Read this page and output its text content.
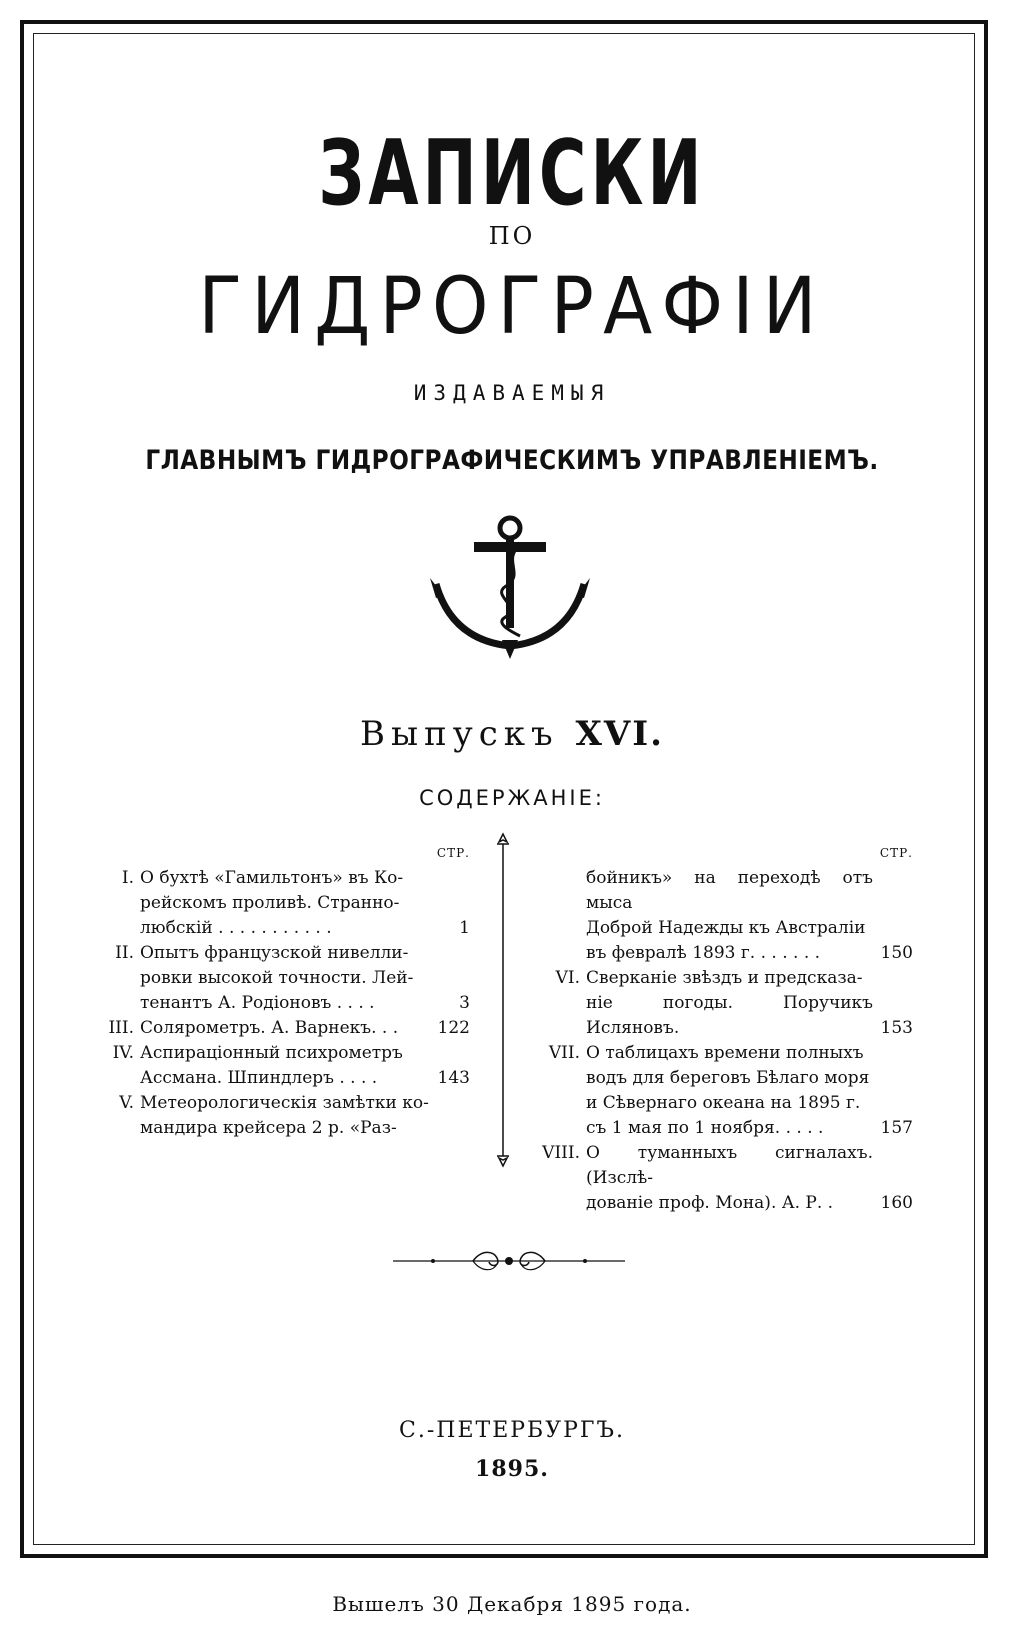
ЗАПИСКИ
ПО
ГИДРОГРАФІИ
ИЗДАВАЕМЫЯ
ГЛАВНЫМЪ ГИДРОГРАФИЧЕСКИМЪ УПРАВЛЕНІЕМЪ.
Выпускъ XVI.
СОДЕРЖАНІЕ:
СТР.
I. О бухтѣ «Гамильтонъ» въ Ко-
рейскомъ проливѣ. Странно-
любскій . . . . . . . . . . .	1
II. Опытъ французской нивелли-
ровки высокой точности. Лей-
тенантъ А. Родіоновъ . . . .	3
III. Солярометръ. А. Варнекъ. . .	122
IV. Аспираціонный психрометръ
Ассмана. Шпиндлеръ . . . .	143
V. Метеорологическія замѣтки ко-
мандира крейсера 2 р. «Раз-
СТР.
бойникъ» на переходѣ отъ мыса
Доброй Надежды къ Австраліи
въ февралѣ 1893 г. . . . . . .	150
VI. Сверканіе звѣздъ и предсказа-
ніе погоды. Поручикъ Исляновъ.	153
VII. О таблицахъ времени полныхъ
водъ для береговъ Бѣлаго моря
и Сѣвернаго океана на 1895 г.
съ 1 мая по 1 ноября. . . . .	157
VIII. О туманныхъ сигналахъ. (Изслѣ-
дованіе проф. Мона). А. Р. .	160
С.-ПЕТЕРБУРГЪ.
1895.
Вышелъ 30 Декабря 1895 года.
